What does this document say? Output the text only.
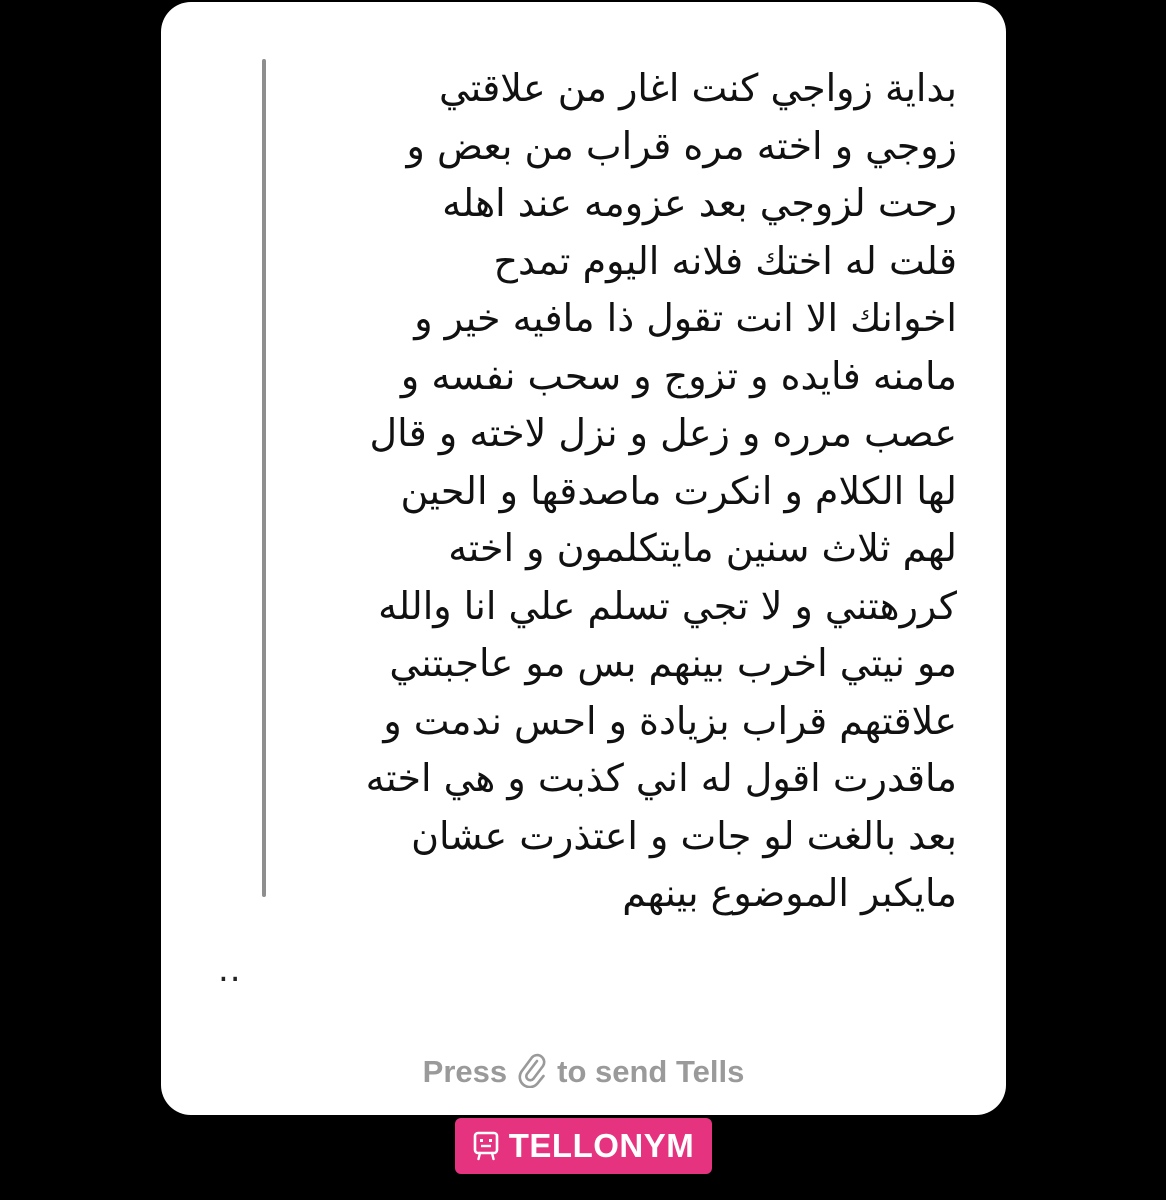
بداية زواجي كنت اغار من علاقتي
زوجي و اخته مره قراب من بعض و
رحت لزوجي بعد عزومه عند اهله
قلت له اختك فلانه اليوم تمدح
اخوانك الا انت تقول ذا مافيه خير و
مامنه فايده و تزوج و سحب نفسه و
عصب مرره و زعل و نزل لاخته و قال
لها الكلام و انكرت ماصدقها و الحين
لهم ثلاث سنين مايتكلمون و اخته
كررهتني و لا تجي تسلم علي انا والله
مو نيتي اخرب بينهم بس مو عاجبتني
علاقتهم قراب بزيادة و احس ندمت و
ماقدرت اقول له اني كذبت و هي اخته
بعد بالغت لو جات و اعتذرت عشان
مايكبر الموضوع بينهم
..
Press to send Tells
TELLONYM
